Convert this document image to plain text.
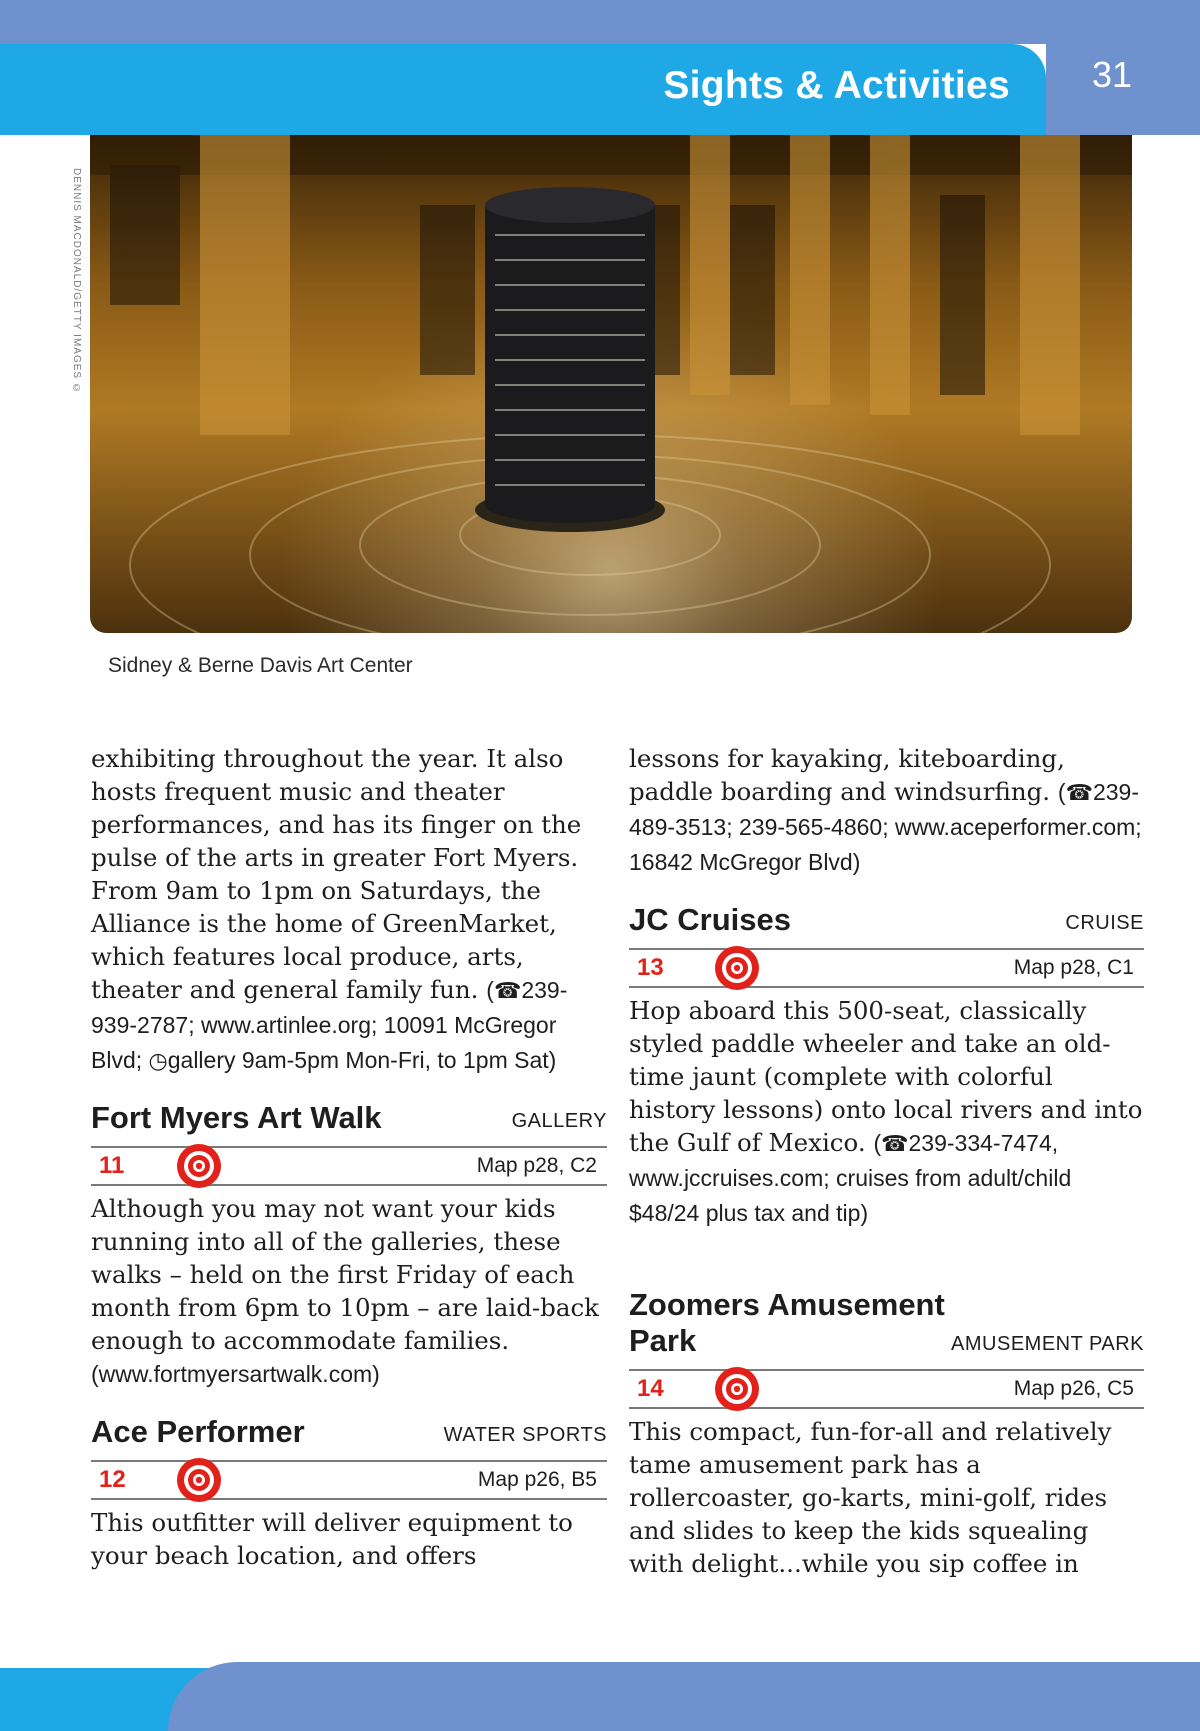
Sights & Activities 31
DENNIS MACDONALD/GETTY IMAGES ©

Sidney & Berne Davis Art Center

exhibiting throughout the year. It also hosts frequent music and theater performances, and has its finger on the pulse of the arts in greater Fort Myers. From 9am to 1pm on Saturdays, the Alliance is the home of GreenMarket, which features local produce, arts, theater and general family fun. (☎239-939-2787; www.artinlee.org; 10091 McGregor Blvd; ◷gallery 9am-5pm Mon-Fri, to 1pm Sat)

Fort Myers Art Walk	GALLERY
11	Map p28, C2

Although you may not want your kids running into all of the galleries, these walks – held on the first Friday of each month from 6pm to 10pm – are laid-back enough to accommodate families. (www.fortmyersartwalk.com)

Ace Performer	WATER SPORTS
12	Map p26, B5

This outfitter will deliver equipment to your beach location, and offers

lessons for kayaking, kiteboarding, paddle boarding and windsurfing. (☎239-489-3513; 239-565-4860; www.aceperformer.com; 16842 McGregor Blvd)

JC Cruises	CRUISE
13	Map p28, C1

Hop aboard this 500-seat, classically styled paddle wheeler and take an old-time jaunt (complete with colorful history lessons) onto local rivers and into the Gulf of Mexico. (☎239-334-7474, www.jccruises.com; cruises from adult/child $48/24 plus tax and tip)

Zoomers Amusement
Park	AMUSEMENT PARK
14	Map p26, C5

This compact, fun-for-all and relatively tame amusement park has a rollercoaster, go-karts, mini-golf, rides and slides to keep the kids squealing with delight...while you sip coffee in
